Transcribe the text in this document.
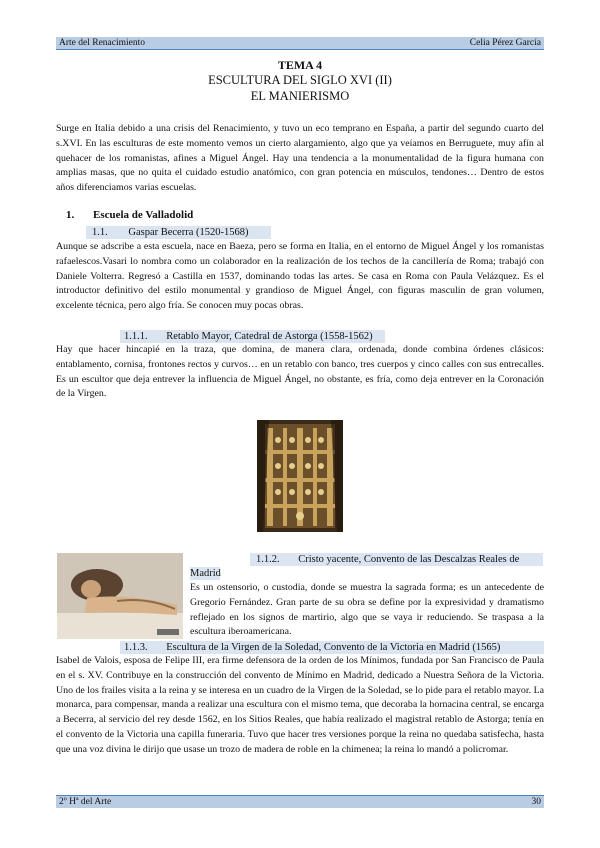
Arte del Renacimiento	Celia Pérez García
TEMA 4
ESCULTURA DEL SIGLO XVI (II)
EL MANIERISMO

Surge en Italia debido a una crisis del Renacimiento, y tuvo un eco temprano en España, a partir del segundo cuarto del s.XVI. En las esculturas de este momento vemos un cierto alargamiento, algo que ya veíamos en Berruguete, muy afín al quehacer de los romanistas, afines a Miguel Ángel. Hay una tendencia a la monumentalidad de la figura humana con amplias masas, que no quita el cuidado estudio anatómico, con gran potencia en músculos, tendones… Dentro de estos años diferenciamos varias escuelas.

1. Escuela de Valladolid
1.1. Gaspar Becerra (1520-1568)

Aunque se adscribe a esta escuela, nace en Baeza, pero se forma en Italia, en el entorno de Miguel Ángel y los romanistas rafaelescos.Vasari lo nombra como un colaborador en la realización de los techos de la cancillería de Roma; trabajó con Daniele Volterra. Regresó a Castilla en 1537, dominando todas las artes. Se casa en Roma con Paula Velázquez. Es el introductor definitivo del estilo monumental y grandioso de Miguel Ángel, con figuras masculin de gran volumen, excelente técnica, pero algo fría. Se conocen muy pocas obras.

1.1.1. Retablo Mayor, Catedral de Astorga (1558-1562)

Hay que hacer hincapié en la traza, que domina, de manera clara, ordenada, donde combina órdenes clásicos: entablamento, cornisa, frontones rectos y curvos… en un retablo con banco, tres cuerpos y cinco calles con sus entrecalles. Es un escultor que deja entrever la influencia de Miguel Ángel, no obstante, es fría, como deja entrever en la Coronación de la Virgen.

1.1.2. Cristo yacente, Convento de las Descalzas Reales de
Madrid

Es un ostensorio, o custodia, donde se muestra la sagrada forma; es un antecedente de Gregorio Fernández. Gran parte de su obra se define por la expresividad y dramatismo reflejado en los signos de martirio, algo que se vaya ir reduciendo. Se traspasa a la escultura iberoamericana.

1.1.3. Escultura de la Virgen de la Soledad, Convento de la Victoria en Madrid (1565)

Isabel de Valois, esposa de Felipe III, era firme defensora de la orden de los Mínimos, fundada por San Francisco de Paula en el s. XV. Contribuye en la construcción del convento de Mínimo en Madrid, dedicado a Nuestra Señora de la Victoria. Uno de los frailes visita a la reina y se interesa en un cuadro de la Virgen de la Soledad, se lo pide para el retablo mayor. La monarca, para compensar, manda a realizar una escultura con el mismo tema, que decoraba la hornacina central, se encarga a Becerra, al servicio del rey desde 1562, en los Sitios Reales, que había realizado el magistral retablo de Astorga; tenía en el convento de la Victoria una capilla funeraria. Tuvo que hacer tres versiones porque la reina no quedaba satisfecha, hasta que una voz divina le dirijo que usase un trozo de madera de roble en la chimenea; la reina lo mandó a policromar.

2º Hª del Arte	30
